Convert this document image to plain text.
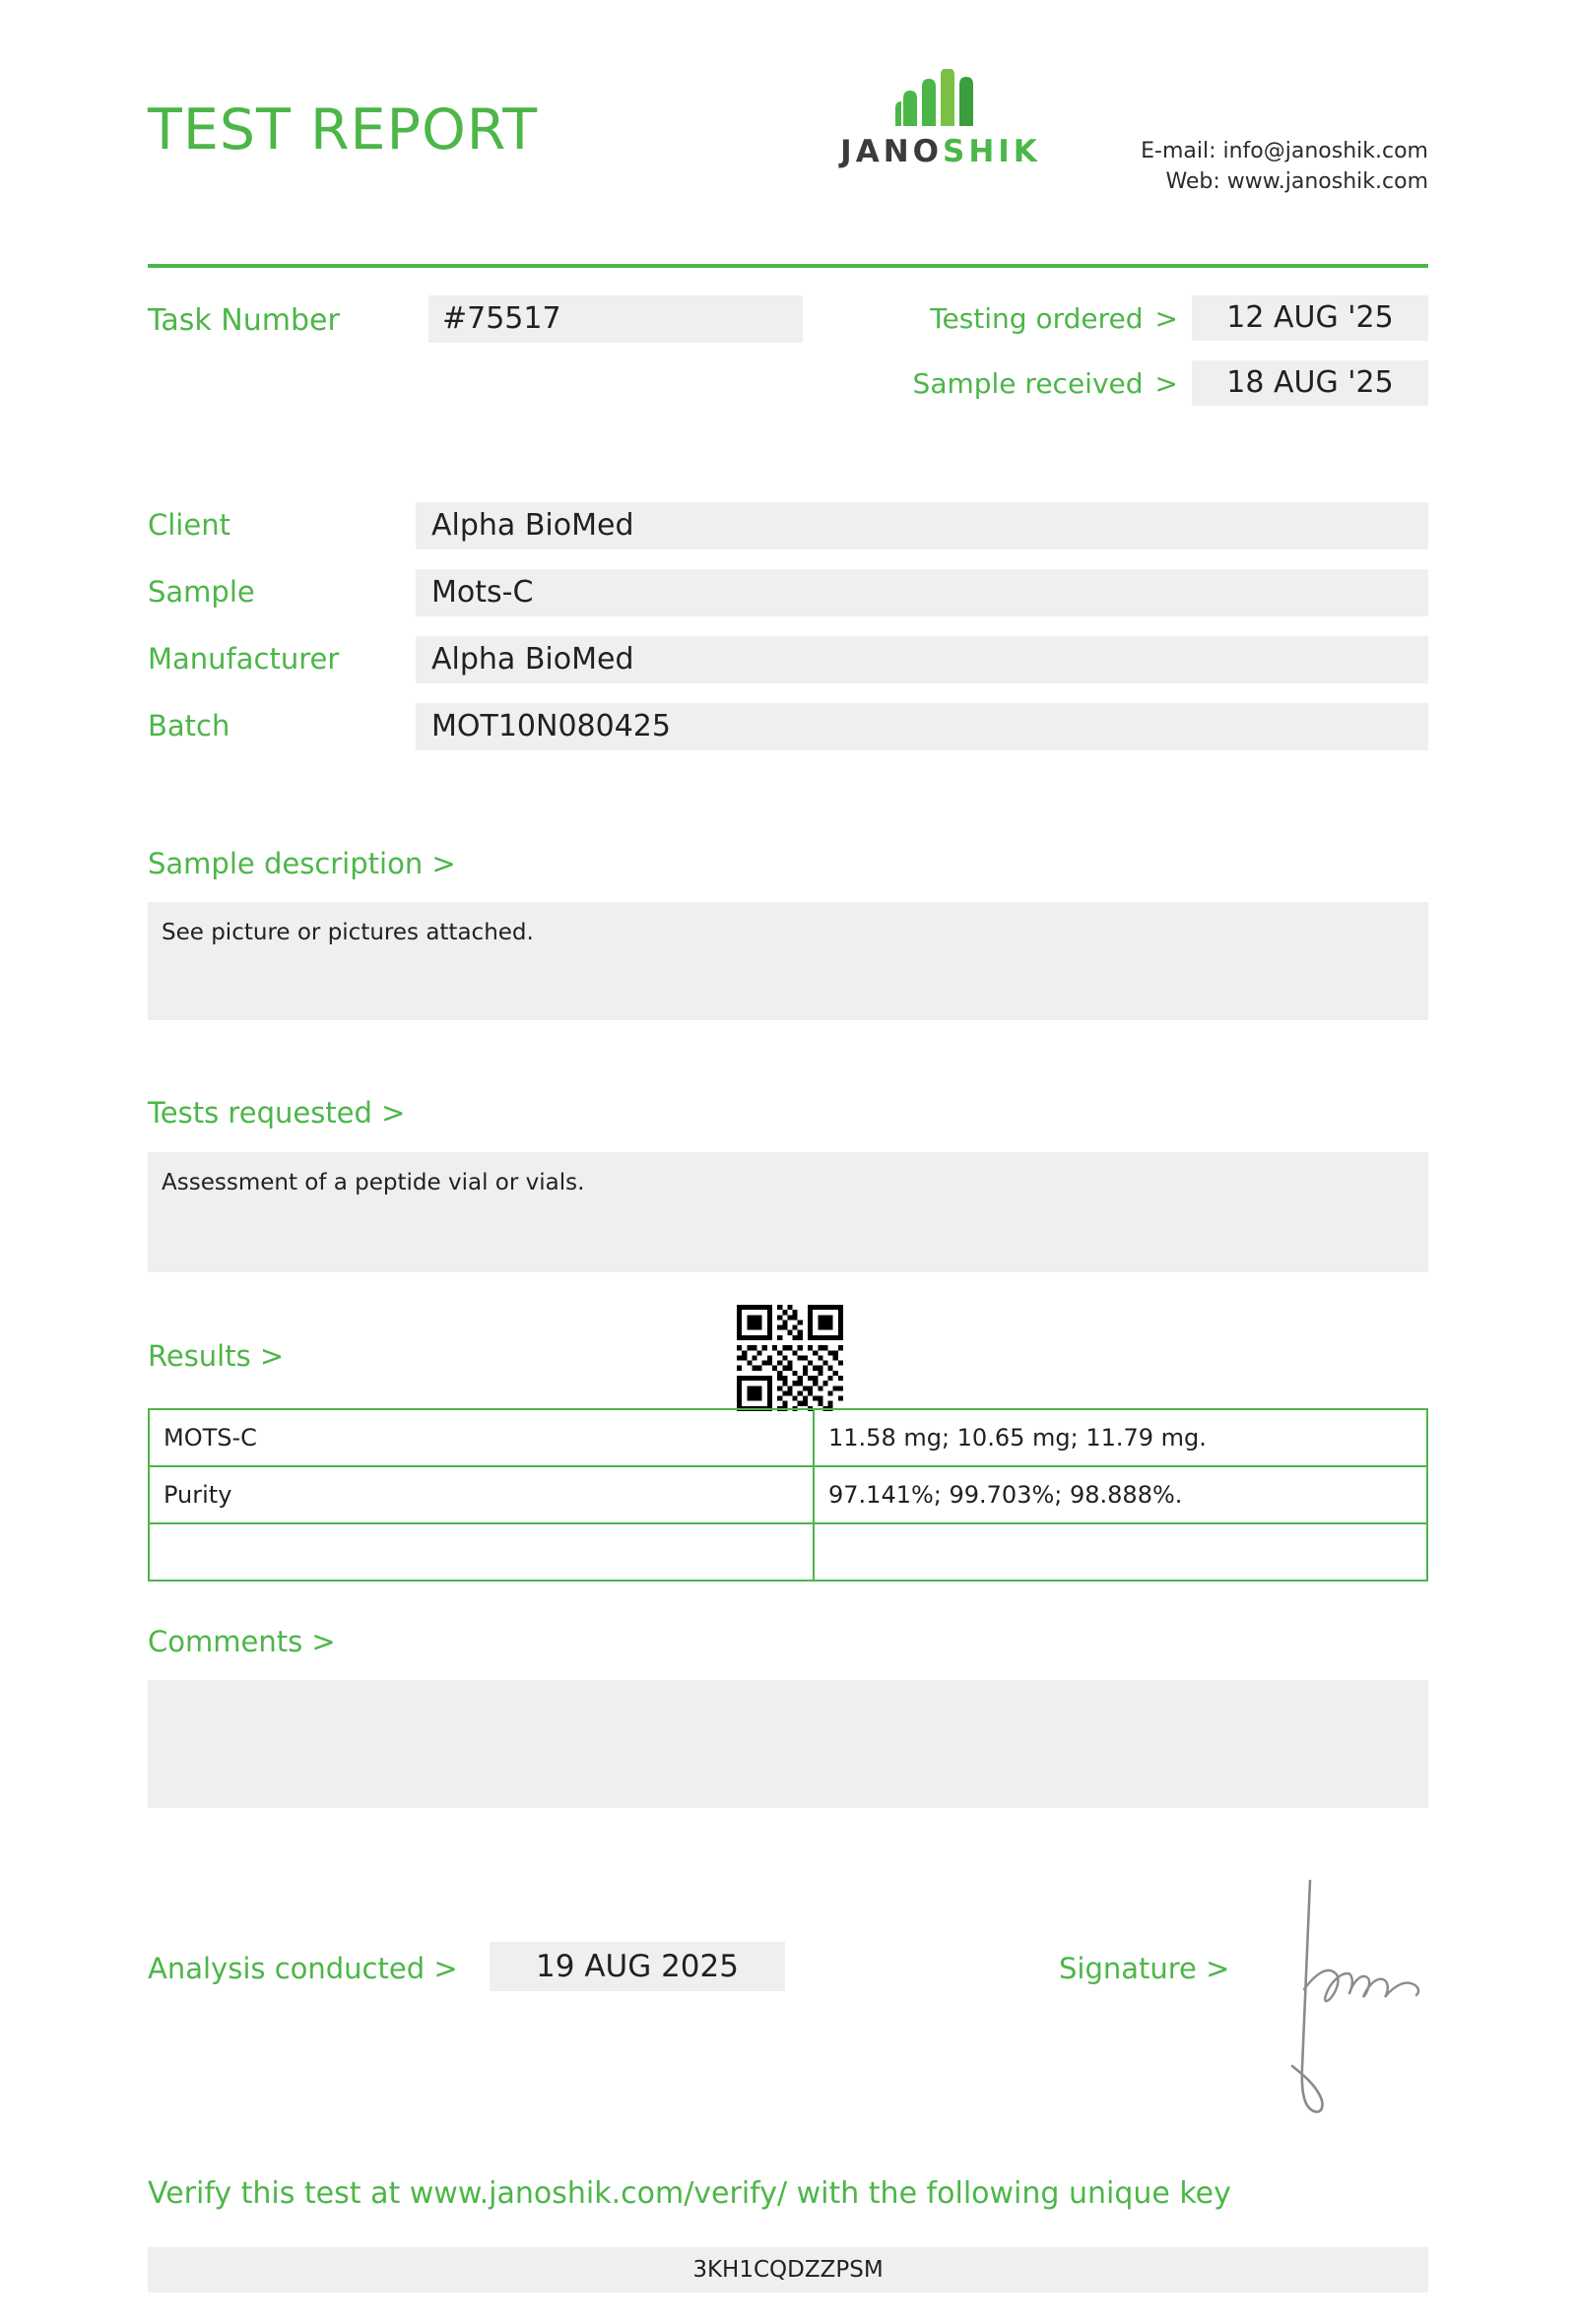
TEST REPORT	JANOSHIK	E-mail: info@janoshik.com
Web: www.janoshik.com
Task Number	#75517	Testing ordered >	12 AUG '25
Sample received >	18 AUG '25
Client	Alpha BioMed
Sample	Mots-C
Manufacturer	Alpha BioMed
Batch	MOT10N080425
Sample description >
See picture or pictures attached.
Tests requested >
Assessment of a peptide vial or vials.
Results >
MOTS-C	11.58 mg; 10.65 mg; 11.79 mg.
Purity	97.141%; 99.703%; 98.888%.

Comments >
Analysis conducted >	19 AUG 2025	Signature >
Verify this test at www.janoshik.com/verify/ with the following unique key
3KH1CQDZZPSM
